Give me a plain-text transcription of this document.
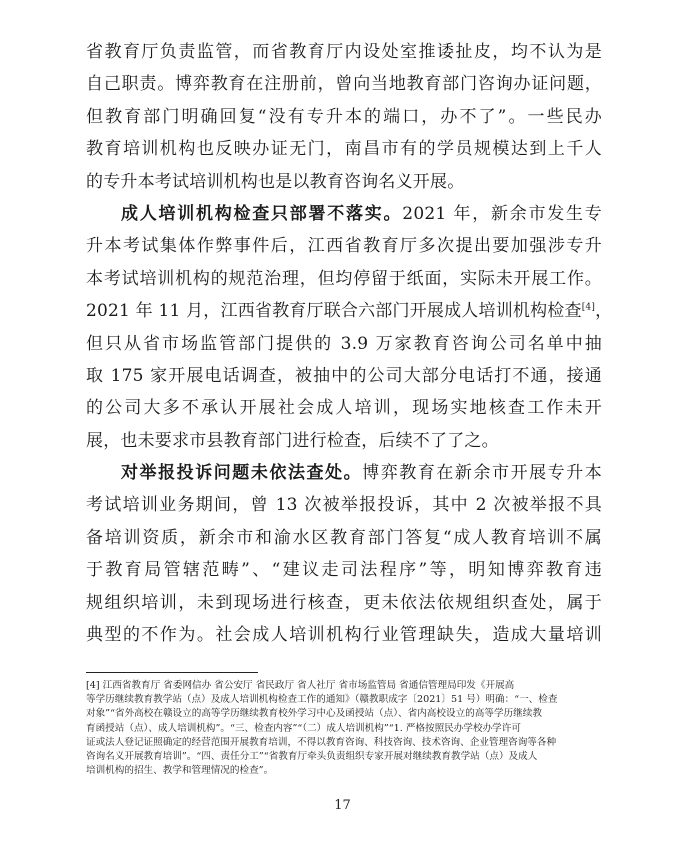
省教育厅负责监管，而省教育厅内设处室推诿扯皮，均不认为是
自己职责。博弈教育在注册前，曾向当地教育部门咨询办证问题，
但教育部门明确回复“没有专升本的端口，办不了”。一些民办
教育培训机构也反映办证无门，南昌市有的学员规模达到上千人
的专升本考试培训机构也是以教育咨询名义开展。
成人培训机构检查只部署不落实。2021 年，新余市发生专
升本考试集体作弊事件后，江西省教育厅多次提出要加强涉专升
本考试培训机构的规范治理，但均停留于纸面，实际未开展工作。
2021 年 11 月，江西省教育厅联合六部门开展成人培训机构检查[4]，
但只从省市场监管部门提供的 3.9 万家教育咨询公司名单中抽
取 175 家开展电话调查，被抽中的公司大部分电话打不通，接通
的公司大多不承认开展社会成人培训，现场实地核查工作未开
展，也未要求市县教育部门进行检查，后续不了了之。
对举报投诉问题未依法查处。博弈教育在新余市开展专升本
考试培训业务期间，曾 13 次被举报投诉，其中 2 次被举报不具
备培训资质，新余市和渝水区教育部门答复“成人教育培训不属
于教育局管辖范畴”、“建议走司法程序”等，明知博弈教育违
规组织培训，未到现场进行核查，更未依法依规组织查处，属于
典型的不作为。社会成人培训机构行业管理缺失，造成大量培训
[4] 江西省教育厅 省委网信办 省公安厅 省民政厅 省人社厅 省市场监管局 省通信管理局印发《开展高
等学历继续教育教学站（点）及成人培训机构检查工作的通知》（赣教职成字〔2021〕51 号）明确：“一、检查
对象”“省外高校在赣设立的高等学历继续教育校外学习中心及函授站（点）、省内高校设立的高等学历继续教
育函授站（点）、成人培训机构”。“三、检查内容”“（二）成人培训机构”“1. 严格按照民办学校办学许可
证或法人登记证照确定的经营范围开展教育培训，不得以教育咨询、科技咨询、技术咨询、企业管理咨询等各种
咨询名义开展教育培训”。“四、责任分工”“省教育厅牵头负责组织专家开展对继续教育教学站（点）及成人
培训机构的招生、教学和管理情况的检查”。
17
